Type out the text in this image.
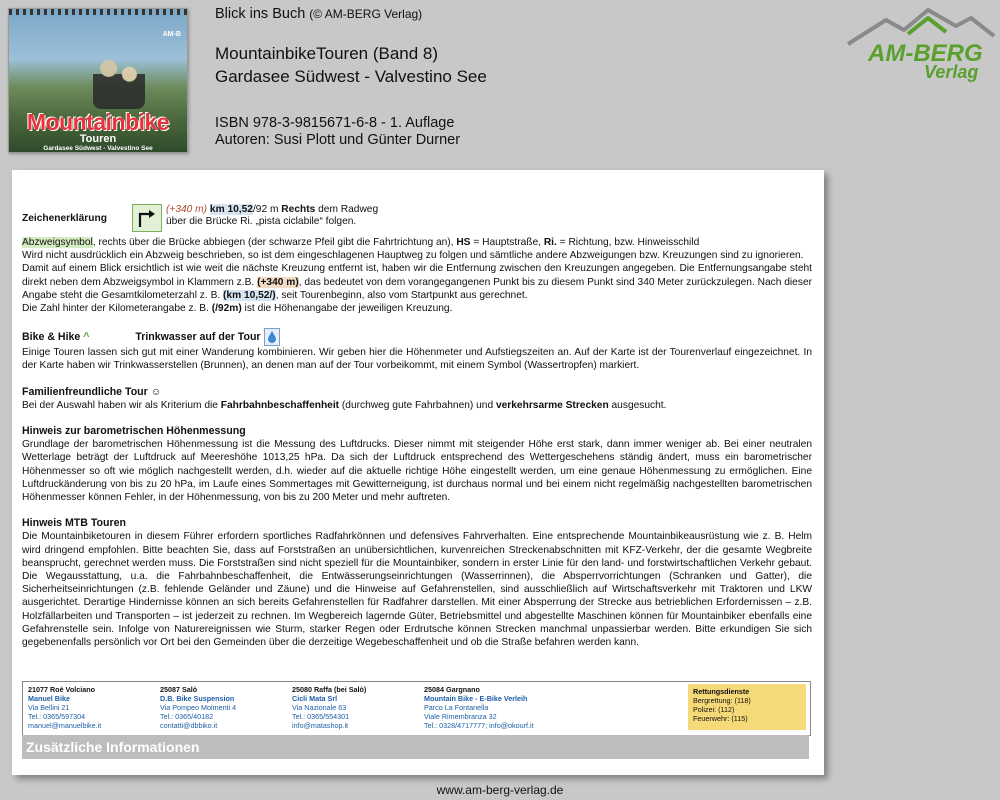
AM-B
Mountainbike
Touren
Gardasee Südwest - Valvestino See
Blick ins Buch (© AM-BERG Verlag)
MountainbikeTouren (Band 8)
Gardasee Südwest - Valvestino See
ISBN 978-3-9815671-6-8 - 1. Auflage
Autoren: Susi Plott und Günter Durner
AM-BERG
Verlag
Zeichenerklärung
(+340 m) km 10,52/92 m Rechts dem Radweg
über die Brücke Ri. „pista ciclabile“ folgen.

Abzweigsymbol, rechts über die Brücke abbiegen (der schwarze Pfeil gibt die Fahrtrichtung an), HS = Hauptstraße, Ri. = Richtung, bzw. Hinweisschild
Wird nicht ausdrücklich ein Abzweig beschrieben, so ist dem eingeschlagenen Hauptweg zu folgen und sämtliche andere Abzweigungen bzw. Kreuzungen sind zu ignorieren.
Damit auf einem Blick ersichtlich ist wie weit die nächste Kreuzung entfernt ist, haben wir die Entfernung zwischen den Kreuzungen angegeben. Die Entfernungsangabe steht direkt neben dem Abzweigsymbol in Klammern z.B. (+340 m), das bedeutet von dem vorangegangenen Punkt bis zu diesem Punkt sind 340 Meter zurückzulegen. Nach dieser Angabe steht die Gesamtkilometerzahl z. B. (km 10,52/), seit Tourenbeginn, also vom Startpunkt aus gerechnet.
Die Zahl hinter der Kilometerangabe z. B. (/92m) ist die Höhenangabe der jeweiligen Kreuzung.

Bike & Hike ^	Trinkwasser auf der Tour

Einige Touren lassen sich gut mit einer Wanderung kombinieren. Wir geben hier die Höhenmeter und Aufstiegszeiten an. Auf der Karte ist der Tourenverlauf eingezeichnet. In der Karte haben wir Trinkwasserstellen (Brunnen), an denen man auf der Tour vorbeikommt, mit einem Symbol (Wassertropfen) markiert.

Familienfreundliche Tour ☺

Bei der Auswahl haben wir als Kriterium die Fahrbahnbeschaffenheit (durchweg gute Fahrbahnen) und verkehrsarme Strecken ausgesucht.

Hinweis zur barometrischen Höhenmessung

Grundlage der barometrischen Höhenmessung ist die Messung des Luftdrucks. Dieser nimmt mit steigender Höhe erst stark, dann immer weniger ab. Bei einer neutralen Wetterlage beträgt der Luftdruck auf Meereshöhe 1013,25 hPa. Da sich der Luftdruck entsprechend des Wettergeschehens ständig ändert, muss ein barometrischer Höhenmesser so oft wie möglich nachgestellt werden, d.h. wieder auf die aktuelle richtige Höhe eingestellt werden, um eine genaue Höhenmessung zu ermöglichen. Eine Luftdruckänderung von bis zu 20 hPa, im Laufe eines Sommertages mit Gewitterneigung, ist durchaus normal und bei einem nicht regelmäßig nachgestellten barometrischen Höhenmesser können Fehler, in der Höhenmessung, von bis zu 200 Meter und mehr auftreten.

Hinweis MTB Touren

Die Mountainbiketouren in diesem Führer erfordern sportliches Radfahrkönnen und defensives Fahrverhalten. Eine entsprechende Mountainbikeausrüstung wie z. B. Helm wird dringend empfohlen. Bitte beachten Sie, dass auf Forststraßen an unübersichtlichen, kurvenreichen Streckenabschnitten mit KFZ-Verkehr, der die gesamte Wegbreite beansprucht, gerechnet werden muss. Die Forststraßen sind nicht speziell für die Mountainbiker, sondern in erster Linie für den land- und forstwirtschaftlichen Verkehr gebaut. Die Wegausstattung, u.a. die Fahrbahnbeschaffenheit, die Entwässerungseinrichtungen (Wasserrinnen), die Absperrvorrichtungen (Schranken und Gatter), die Sicherheitseinrichtungen (z.B. fehlende Geländer und Zäune) und die Hinweise auf Gefahrenstellen, sind ausschließlich auf Wirtschaftsverkehr mit Traktoren und LKW ausgerichtet. Derartige Hindernisse können an sich bereits Gefahrenstellen für Radfahrer darstellen. Mit einer Absperrung der Strecke aus betrieblichen Erfordernissen – z.B. Holzfällarbeiten und Transporten – ist jederzeit zu rechnen. Im Wegbereich lagernde Güter, Betriebsmittel und abgestellte Maschinen können für Mountainbiker ebenfalls eine Gefahrenstelle sein. Infolge von Naturereignissen wie Sturm, starker Regen oder Erdrutsche können Strecken manchmal unpassierbar werden. Bitte erkundigen Sie sich gegebenenfalls persönlich vor Ort bei den Gemeinden über die derzeitige Wegebeschaffenheit und ob die Straße befahren werden kann.

21077 Roè Volciano
Manuel Bike
Via Bellini 21
Tel.: 0365/597304
manuel@manuelbike.it
25087 Salò
D.B. Bike Suspension
Via Pompeo Molmenti 4
Tel.: 0365/40182
contatti@dbbiko.it
25080 Raffa (bei Salò)
Cicli Mata Srl
Via Nazionale 63
Tel.: 0365/554301
info@matashop.it
25084 Gargnano
Mountain Bike - E-Bike Verleih
Parco La Fontanella
Viale Rimembranza 32
Tel.: 0328/4717777; info@okourf.it
Rettungsdienste
Bergrettung: (118)
Polizei: (112)
Feuerwehr: (115)
Zusätzliche Informationen
www.am-berg-verlag.de
